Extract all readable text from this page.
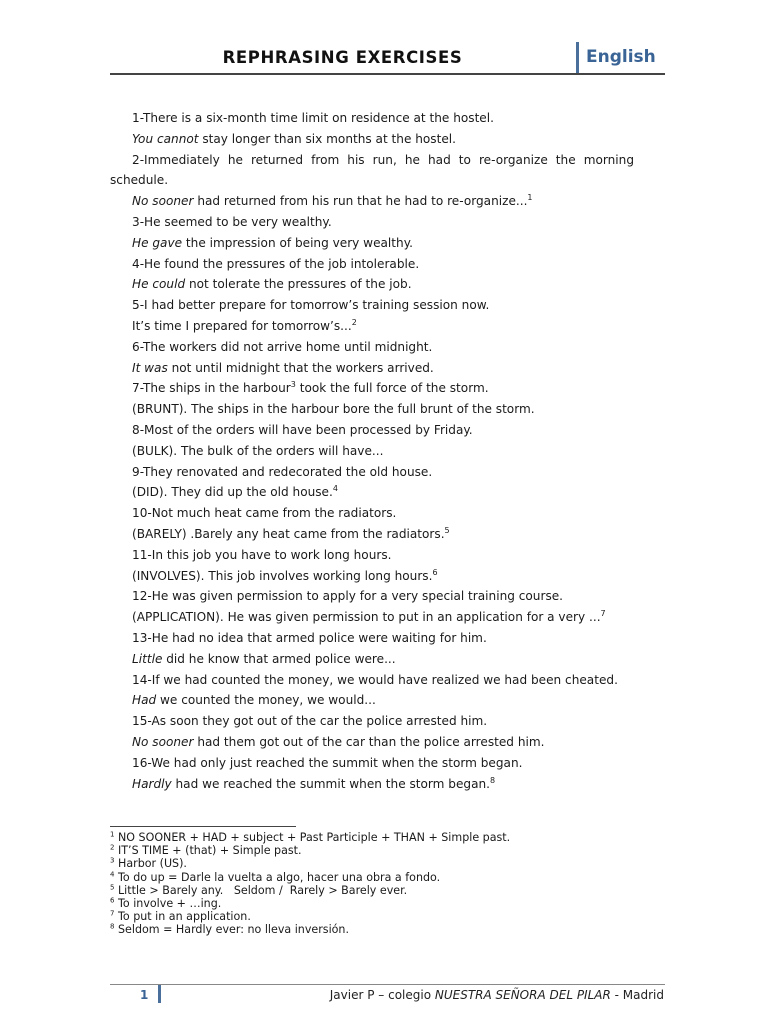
REPHRASING EXERCISES	English

1-There is a six-month time limit on residence at the hostel.

You cannot stay longer than six months at the hostel.

2-Immediately he returned from his run, he had to re-organize the morning schedule.

No sooner had returned from his run that he had to re-organize...$^1$

3-He seemed to be very wealthy.

He gave the impression of being very wealthy.

4-He found the pressures of the job intolerable.

He could not tolerate the pressures of the job.

5-I had better prepare for tomorrow’s training session now.

It’s time I prepared for tomorrow’s...$^2$

6-The workers did not arrive home until midnight.

It was not until midnight that the workers arrived.

7-The ships in the harbour$^3$ took the full force of the storm.

(BRUNT). The ships in the harbour bore the full brunt of the storm.

8-Most of the orders will have been processed by Friday.

(BULK). The bulk of the orders will have...

9-They renovated and redecorated the old house.

(DID). They did up the old house.$^4$

10-Not much heat came from the radiators.

(BARELY) .Barely any heat came from the radiators.$^5$

11-In this job you have to work long hours.

(INVOLVES). This job involves working long hours.$^6$

12-He was given permission to apply for a very special training course.

(APPLICATION). He was given permission to put in an application for a very ...$^7$

13-He had no idea that armed police were waiting for him.

Little did he know that armed police were...

14-If we had counted the money, we would have realized we had been cheated.

Had we counted the money, we would...

15-As soon they got out of the car the police arrested him.

No sooner had them got out of the car than the police arrested him.

16-We had only just reached the summit when the storm began.

Hardly had we reached the summit when the storm began.$^8$

$^1$ NO SOONER + HAD + subject + Past Participle + THAN + Simple past.

$^2$ IT’S TIME + (that) + Simple past.

$^3$ Harbor (US).

$^4$ To do up = Darle la vuelta a algo, hacer una obra a fondo.

$^5$ Little > Barely any.   Seldom /  Rarely > Barely ever.

$^6$ To involve + …ing.

$^7$ To put in an application.

$^8$ Seldom = Hardly ever: no lleva inversión.

1	Javier P – colegio NUESTRA SEÑORA DEL PILAR - Madrid
